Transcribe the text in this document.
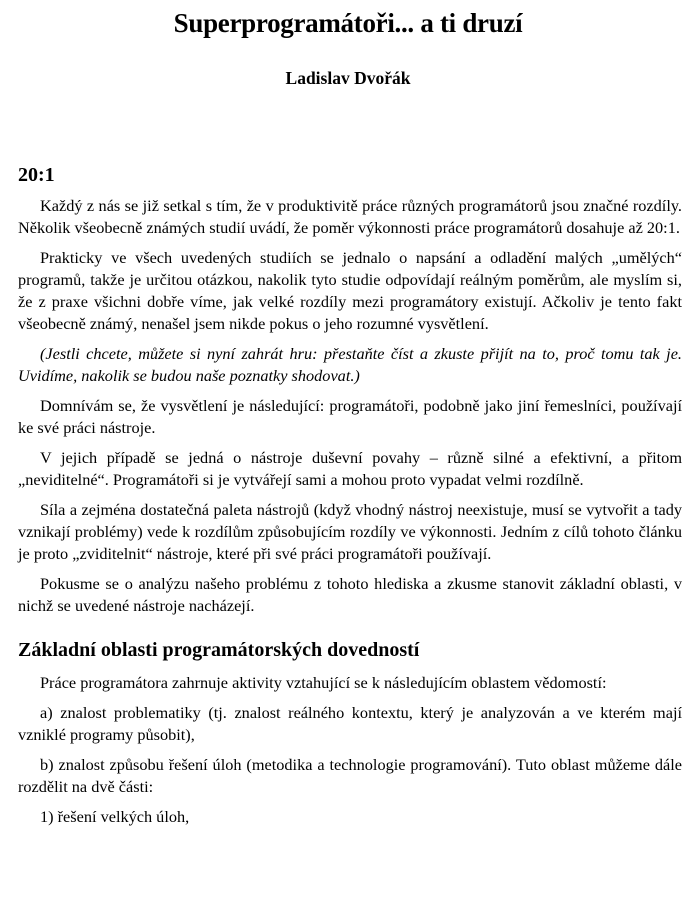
Superprogramátoři... a ti druzí
Ladislav Dvořák
20:1

Každý z nás se již setkal s tím, že v produktivitě práce různých programátorů jsou značné rozdíly. Několik všeobecně známých studií uvádí, že poměr výkonnosti práce programátorů dosahuje až 20:1.

Prakticky ve všech uvedených studiích se jednalo o napsání a odladění malých „umělých“ programů, takže je určitou otázkou, nakolik tyto studie odpovídají reálným poměrům, ale myslím si, že z praxe všichni dobře víme, jak velké rozdíly mezi programátory existují. Ačkoliv je tento fakt všeobecně známý, nenašel jsem nikde pokus o jeho rozumné vysvětlení.

(Jestli chcete, můžete si nyní zahrát hru: přestaňte číst a zkuste přijít na to, proč tomu tak je. Uvidíme, nakolik se budou naše poznatky shodovat.)

Domnívám se, že vysvětlení je následující: programátoři, podobně jako jiní řemeslníci, používají ke své práci nástroje.

V jejich případě se jedná o nástroje duševní povahy – různě silné a efektivní, a přitom „neviditelné“. Programátoři si je vytvářejí sami a mohou proto vypadat velmi rozdílně.

Síla a zejména dostatečná paleta nástrojů (když vhodný nástroj neexistuje, musí se vytvořit a tady vznikají problémy) vede k rozdílům způsobujícím rozdíly ve výkonnosti. Jedním z cílů tohoto článku je proto „zviditelnit“ nástroje, které při své práci programátoři používají.

Pokusme se o analýzu našeho problému z tohoto hlediska a zkusme stanovit základní oblasti, v nichž se uvedené nástroje nacházejí.

Základní oblasti programátorských dovedností

Práce programátora zahrnuje aktivity vztahující se k následujícím oblastem vědomostí:

a) znalost problematiky (tj. znalost reálného kontextu, který je analyzován a ve kterém mají vzniklé programy působit),

b) znalost způsobu řešení úloh (metodika a technologie programování). Tuto oblast můžeme dále rozdělit na dvě části:

1) řešení velkých úloh,
